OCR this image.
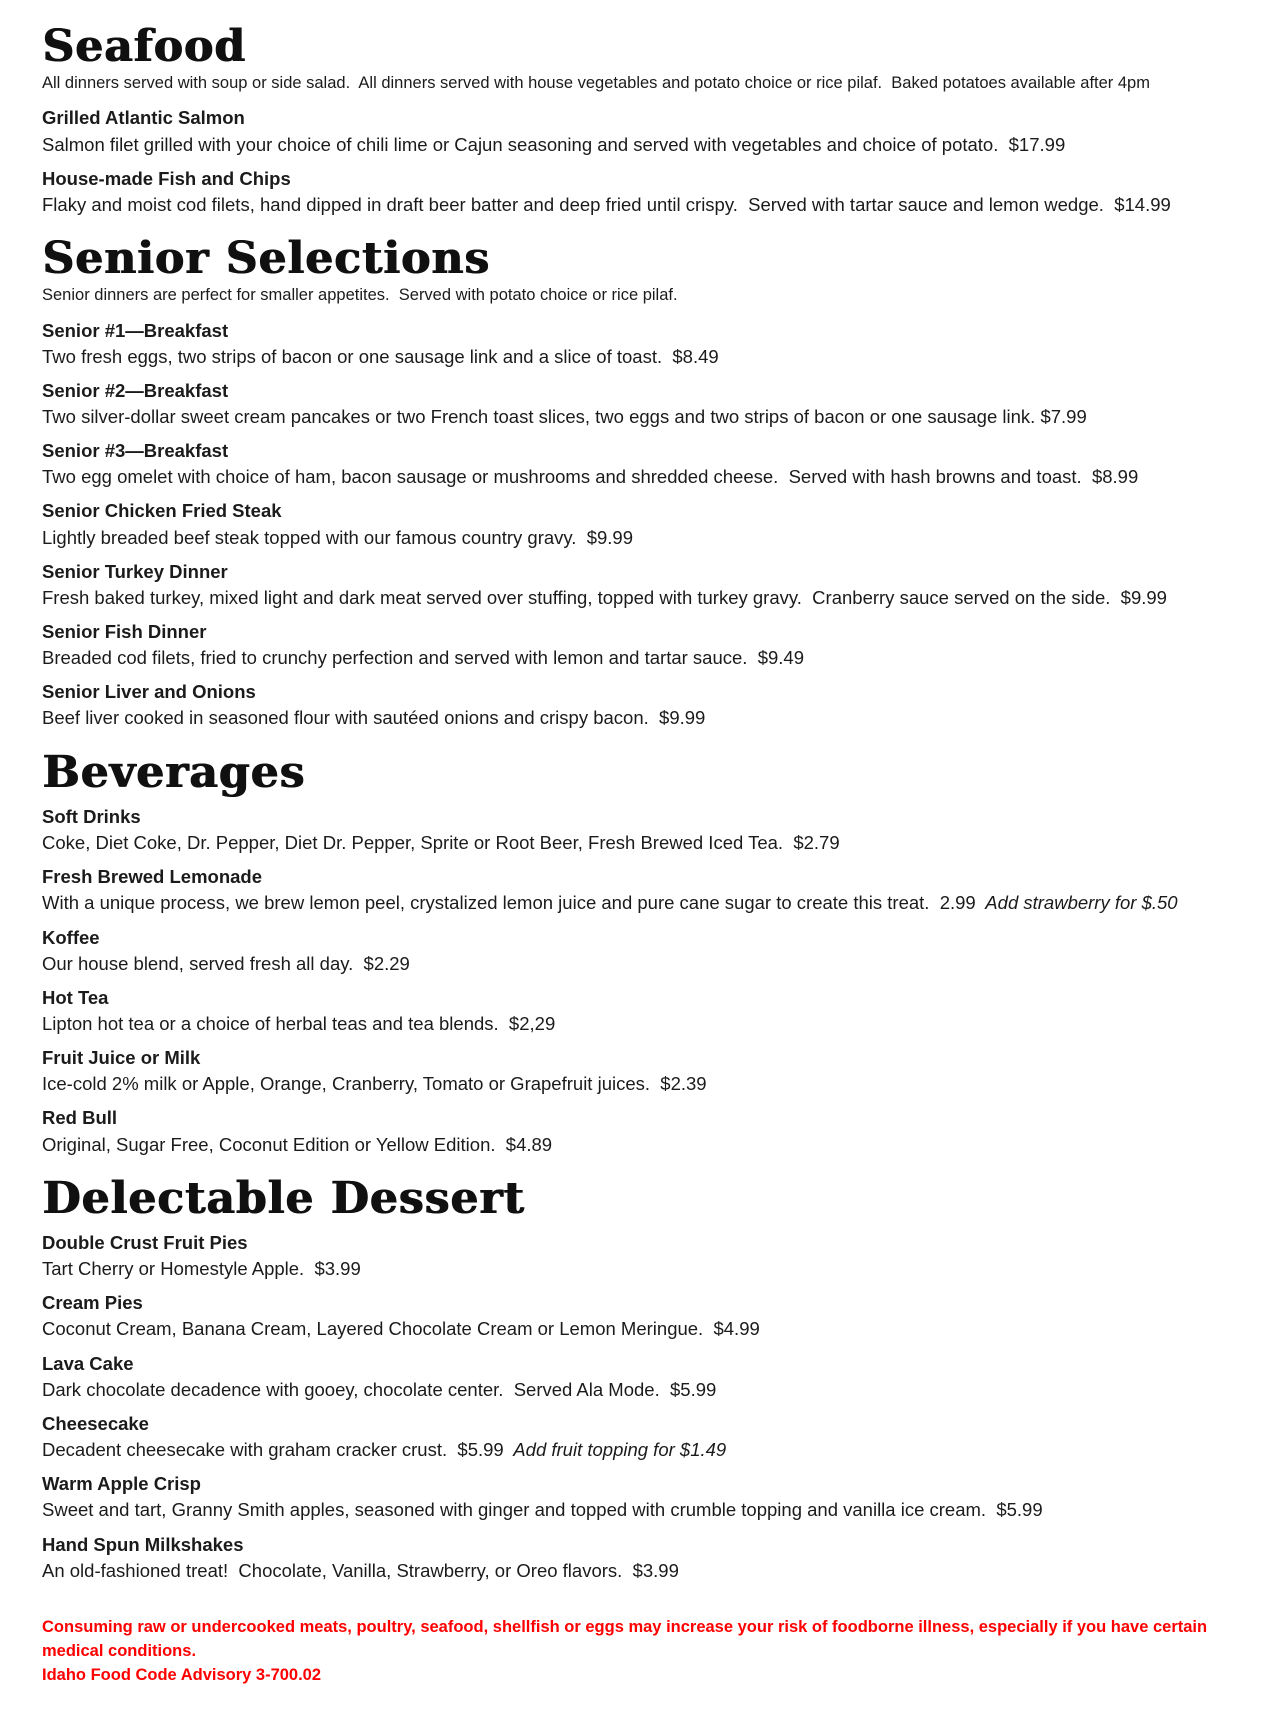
Seafood

All dinners served with soup or side salad.  All dinners served with house vegetables and potato choice or rice pilaf.  Baked potatoes available after 4pm

Grilled Atlantic Salmon

Salmon filet grilled with your choice of chili lime or Cajun seasoning and served with vegetables and choice of potato.  $17.99

House-made Fish and Chips

Flaky and moist cod filets, hand dipped in draft beer batter and deep fried until crispy.  Served with tartar sauce and lemon wedge.  $14.99

Senior Selections

Senior dinners are perfect for smaller appetites.  Served with potato choice or rice pilaf.

Senior #1—Breakfast

Two fresh eggs, two strips of bacon or one sausage link and a slice of toast.  $8.49

Senior #2—Breakfast

Two silver-dollar sweet cream pancakes or two French toast slices, two eggs and two strips of bacon or one sausage link. $7.99

Senior #3—Breakfast

Two egg omelet with choice of ham, bacon sausage or mushrooms and shredded cheese.  Served with hash browns and toast.  $8.99

Senior Chicken Fried Steak

Lightly breaded beef steak topped with our famous country gravy.  $9.99

Senior Turkey Dinner

Fresh baked turkey, mixed light and dark meat served over stuffing, topped with turkey gravy.  Cranberry sauce served on the side.  $9.99

Senior Fish Dinner

Breaded cod filets, fried to crunchy perfection and served with lemon and tartar sauce.  $9.49

Senior Liver and Onions

Beef liver cooked in seasoned flour with sautéed onions and crispy bacon.  $9.99

Beverages

Soft Drinks

Coke, Diet Coke, Dr. Pepper, Diet Dr. Pepper, Sprite or Root Beer, Fresh Brewed Iced Tea.  $2.79

Fresh Brewed Lemonade

With a unique process, we brew lemon peel, crystalized lemon juice and pure cane sugar to create this treat.  2.99  Add strawberry for $.50

Koffee

Our house blend, served fresh all day.  $2.29

Hot Tea

Lipton hot tea or a choice of herbal teas and tea blends.  $2,29

Fruit Juice or Milk

Ice-cold 2% milk or Apple, Orange, Cranberry, Tomato or Grapefruit juices.  $2.39

Red Bull

Original, Sugar Free, Coconut Edition or Yellow Edition.  $4.89

Delectable Dessert

Double Crust Fruit Pies

Tart Cherry or Homestyle Apple.  $3.99

Cream Pies

Coconut Cream, Banana Cream, Layered Chocolate Cream or Lemon Meringue.  $4.99

Lava Cake

Dark chocolate decadence with gooey, chocolate center.  Served Ala Mode.  $5.99

Cheesecake

Decadent cheesecake with graham cracker crust.  $5.99  Add fruit topping for $1.49

Warm Apple Crisp

Sweet and tart, Granny Smith apples, seasoned with ginger and topped with crumble topping and vanilla ice cream.  $5.99

Hand Spun Milkshakes

An old-fashioned treat!  Chocolate, Vanilla, Strawberry, or Oreo flavors.  $3.99

Consuming raw or undercooked meats, poultry, seafood, shellfish or eggs may increase your risk of foodborne illness, especially if you have certain medical conditions.

Idaho Food Code Advisory 3-700.02
